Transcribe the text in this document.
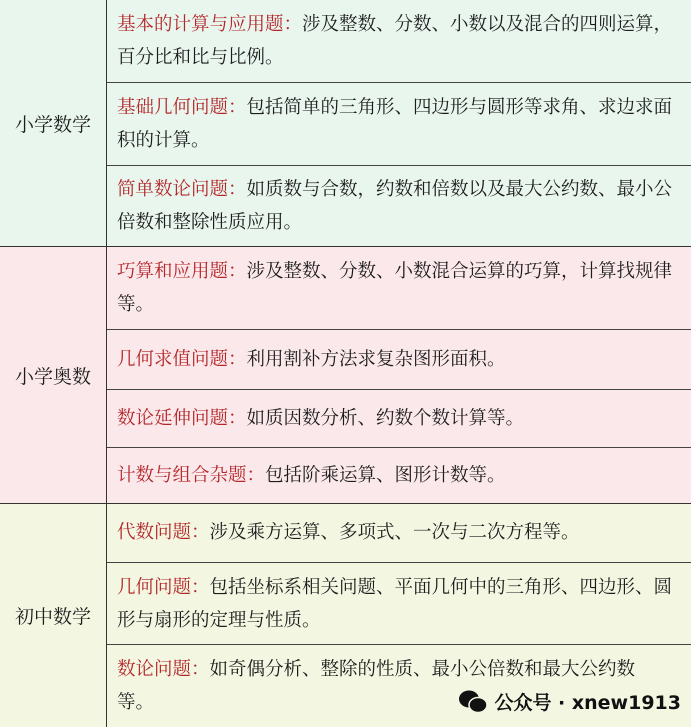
小学数学
基本的计算与应用题：涉及整数、分数、小数以及混合的四则运算，百分比和比与比例。
基础几何问题：包括简单的三角形、四边形与圆形等求角、求边求面积的计算。
简单数论问题：如质数与合数，约数和倍数以及最大公约数、最小公倍数和整除性质应用。
小学奥数
巧算和应用题：涉及整数、分数、小数混合运算的巧算，计算找规律等。
几何求值问题：利用割补方法求复杂图形面积。
数论延伸问题：如质因数分析、约数个数计算等。
计数与组合杂题：包括阶乘运算、图形计数等。
初中数学
代数问题：涉及乘方运算、多项式、一次与二次方程等。
几何问题：包括坐标系相关问题、平面几何中的三角形、四边形、圆形与扇形的定理与性质。
数论问题：如奇偶分析、整除的性质、最小公倍数和最大公约数等。	公众号 · xnew1913
